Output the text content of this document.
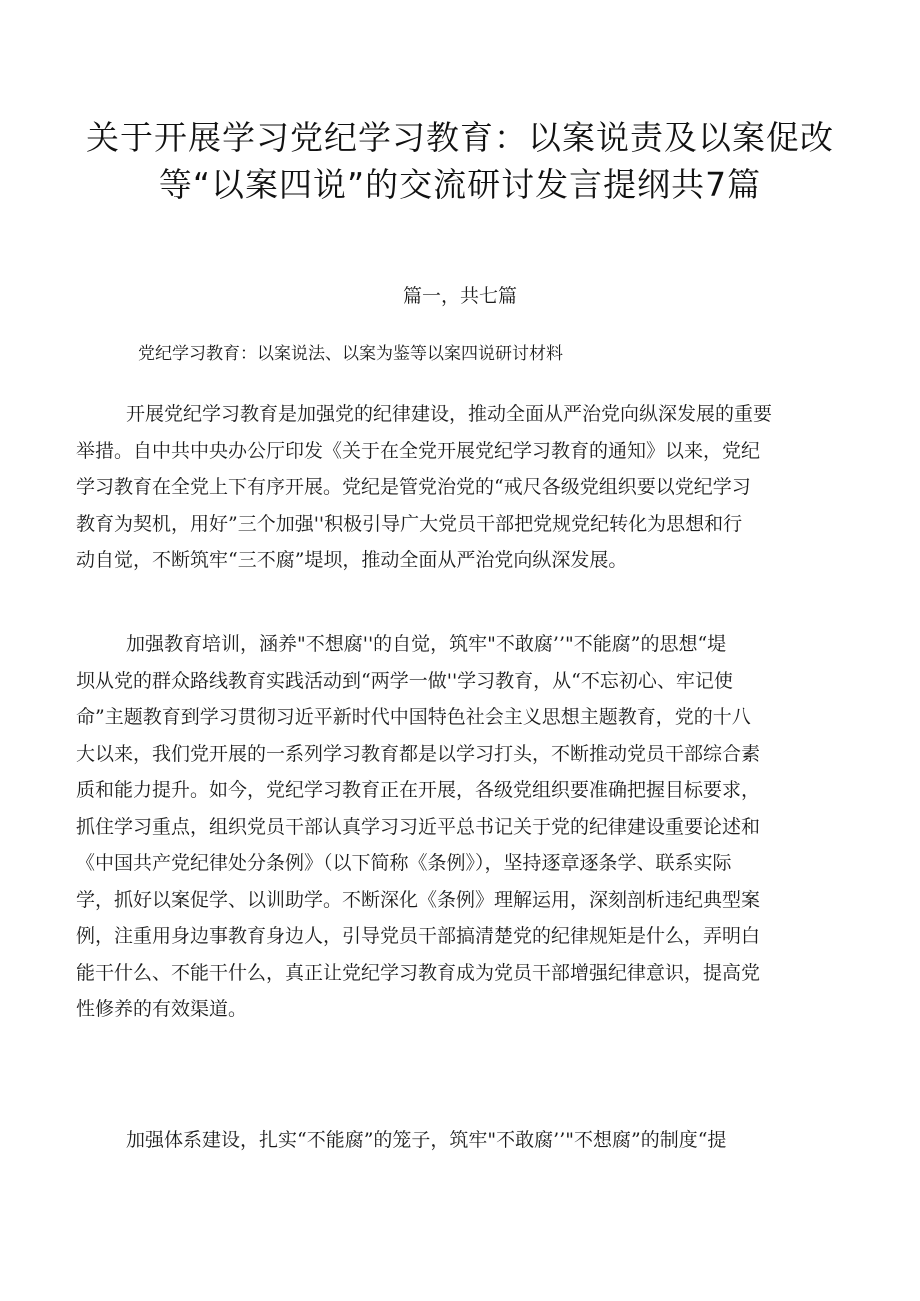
关于开展学习党纪学习教育：以案说责及以案促改
等“以案四说”的交流研讨发言提纲共7篇
篇一，共七篇

党纪学习教育：以案说法、以案为鉴等以案四说研讨材料

开展党纪学习教育是加强党的纪律建设，推动全面从严治党向纵深发展的重要
举措。自中共中央办公厅印发《关于在全党开展党纪学习教育的通知》以来，党纪
学习教育在全党上下有序开展。党纪是管党治党的“戒尺各级党组织要以党纪学习
教育为契机，用好”三个加强''积极引导广大党员干部把党规党纪转化为思想和行
动自觉，不断筑牢“三不腐”堤坝，推动全面从严治党向纵深发展。
加强教育培训，涵养"不想腐''的自觉，筑牢"不敢腐’’"不能腐”的思想“堤
坝从党的群众路线教育实践活动到“两学一做''学习教育，从“不忘初心、牢记使
命”主题教育到学习贯彻习近平新时代中国特色社会主义思想主题教育，党的十八
大以来，我们党开展的一系列学习教育都是以学习打头，不断推动党员干部综合素
质和能力提升。如今，党纪学习教育正在开展，各级党组织要准确把握目标要求，
抓住学习重点，组织党员干部认真学习习近平总书记关于党的纪律建设重要论述和
《中国共产党纪律处分条例》（以下简称《条例》），坚持逐章逐条学、联系实际
学，抓好以案促学、以训助学。不断深化《条例》理解运用，深刻剖析违纪典型案
例，注重用身边事教育身边人，引导党员干部搞清楚党的纪律规矩是什么，弄明白
能干什么、不能干什么，真正让党纪学习教育成为党员干部增强纪律意识，提高党
性修养的有效渠道。
加强体系建设，扎实“不能腐”的笼子，筑牢"不敢腐’’"不想腐”的制度“提
